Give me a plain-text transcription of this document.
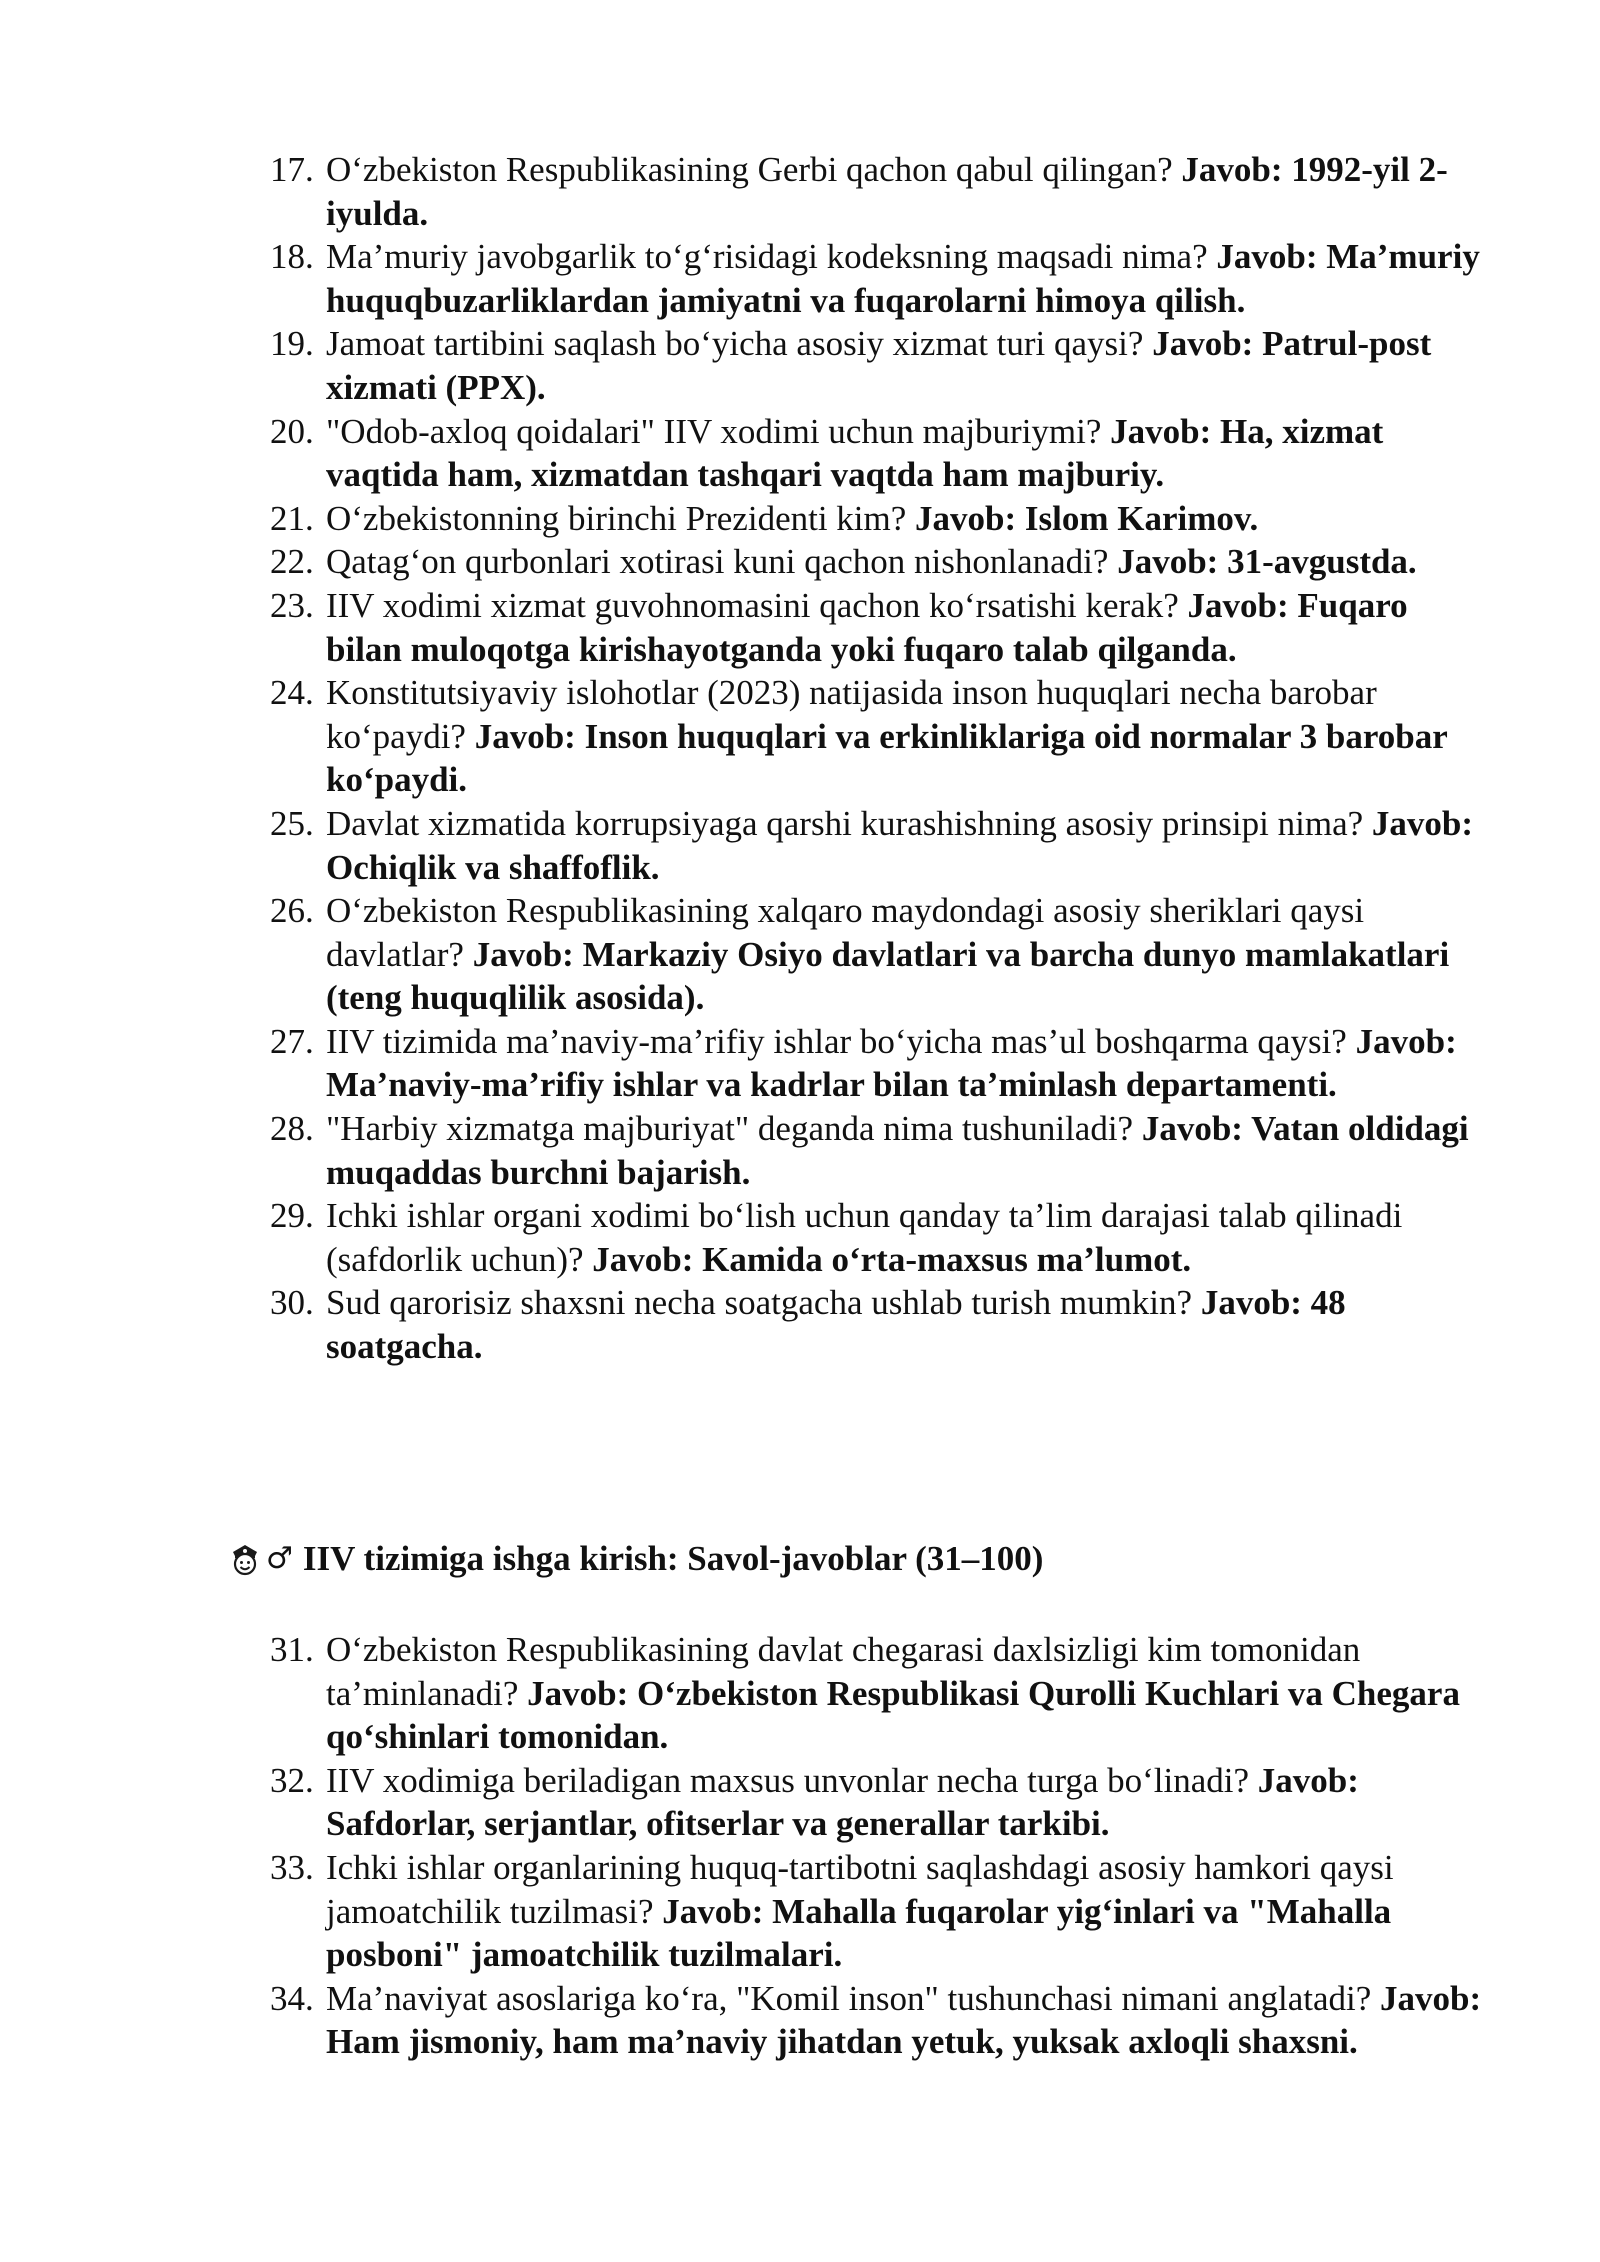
17. O‘zbekiston Respublikasining Gerbi qachon qabul qilingan? Javob: 1992-yil 2-iyulda.
18. Ma’muriy javobgarlik to‘g‘risidagi kodeksning maqsadi nima? Javob: Ma’muriy huquqbuzarliklardan jamiyatni va fuqarolarni himoya qilish.
19. Jamoat tartibini saqlash bo‘yicha asosiy xizmat turi qaysi? Javob: Patrul-post xizmati (PPX).
20. "Odob-axloq qoidalari" IIV xodimi uchun majburiymi? Javob: Ha, xizmat vaqtida ham, xizmatdan tashqari vaqtda ham majburiy.
21. O‘zbekistonning birinchi Prezidenti kim? Javob: Islom Karimov.
22. Qatag‘on qurbonlari xotirasi kuni qachon nishonlanadi? Javob: 31-avgustda.
23. IIV xodimi xizmat guvohnomasini qachon ko‘rsatishi kerak? Javob: Fuqaro bilan muloqotga kirishayotganda yoki fuqaro talab qilganda.
24. Konstitutsiyaviy islohotlar (2023) natijasida inson huquqlari necha barobar ko‘paydi? Javob: Inson huquqlari va erkinliklariga oid normalar 3 barobar ko‘paydi.
25. Davlat xizmatida korrupsiyaga qarshi kurashishning asosiy prinsipi nima? Javob: Ochiqlik va shaffoflik.
26. O‘zbekiston Respublikasining xalqaro maydondagi asosiy sheriklari qaysi davlatlar? Javob: Markaziy Osiyo davlatlari va barcha dunyo mamlakatlari (teng huquqlilik asosida).
27. IIV tizimida ma’naviy-ma’rifiy ishlar bo‘yicha mas’ul boshqarma qaysi? Javob: Ma’naviy-ma’rifiy ishlar va kadrlar bilan ta’minlash departamenti.
28. "Harbiy xizmatga majburiyat" deganda nima tushuniladi? Javob: Vatan oldidagi muqaddas burchni bajarish.
29. Ichki ishlar organi xodimi bo‘lish uchun qanday ta’lim darajasi talab qilinadi (safdorlik uchun)? Javob: Kamida o‘rta-maxsus ma’lumot.
30. Sud qarorisiz shaxsni necha soatgacha ushlab turish mumkin? Javob: 48 soatgacha.
♂ IIV tizimiga ishga kirish: Savol-javoblar (31–100)
31. O‘zbekiston Respublikasining davlat chegarasi daxlsizligi kim tomonidan ta’minlanadi? Javob: O‘zbekiston Respublikasi Qurolli Kuchlari va Chegara qo‘shinlari tomonidan.
32. IIV xodimiga beriladigan maxsus unvonlar necha turga bo‘linadi? Javob: Safdorlar, serjantlar, ofitserlar va generallar tarkibi.
33. Ichki ishlar organlarining huquq-tartibotni saqlashdagi asosiy hamkori qaysi jamoatchilik tuzilmasi? Javob: Mahalla fuqarolar yig‘inlari va "Mahalla posboni" jamoatchilik tuzilmalari.
34. Ma’naviyat asoslariga ko‘ra, "Komil inson" tushunchasi nimani anglatadi? Javob: Ham jismoniy, ham ma’naviy jihatdan yetuk, yuksak axloqli shaxsni.
